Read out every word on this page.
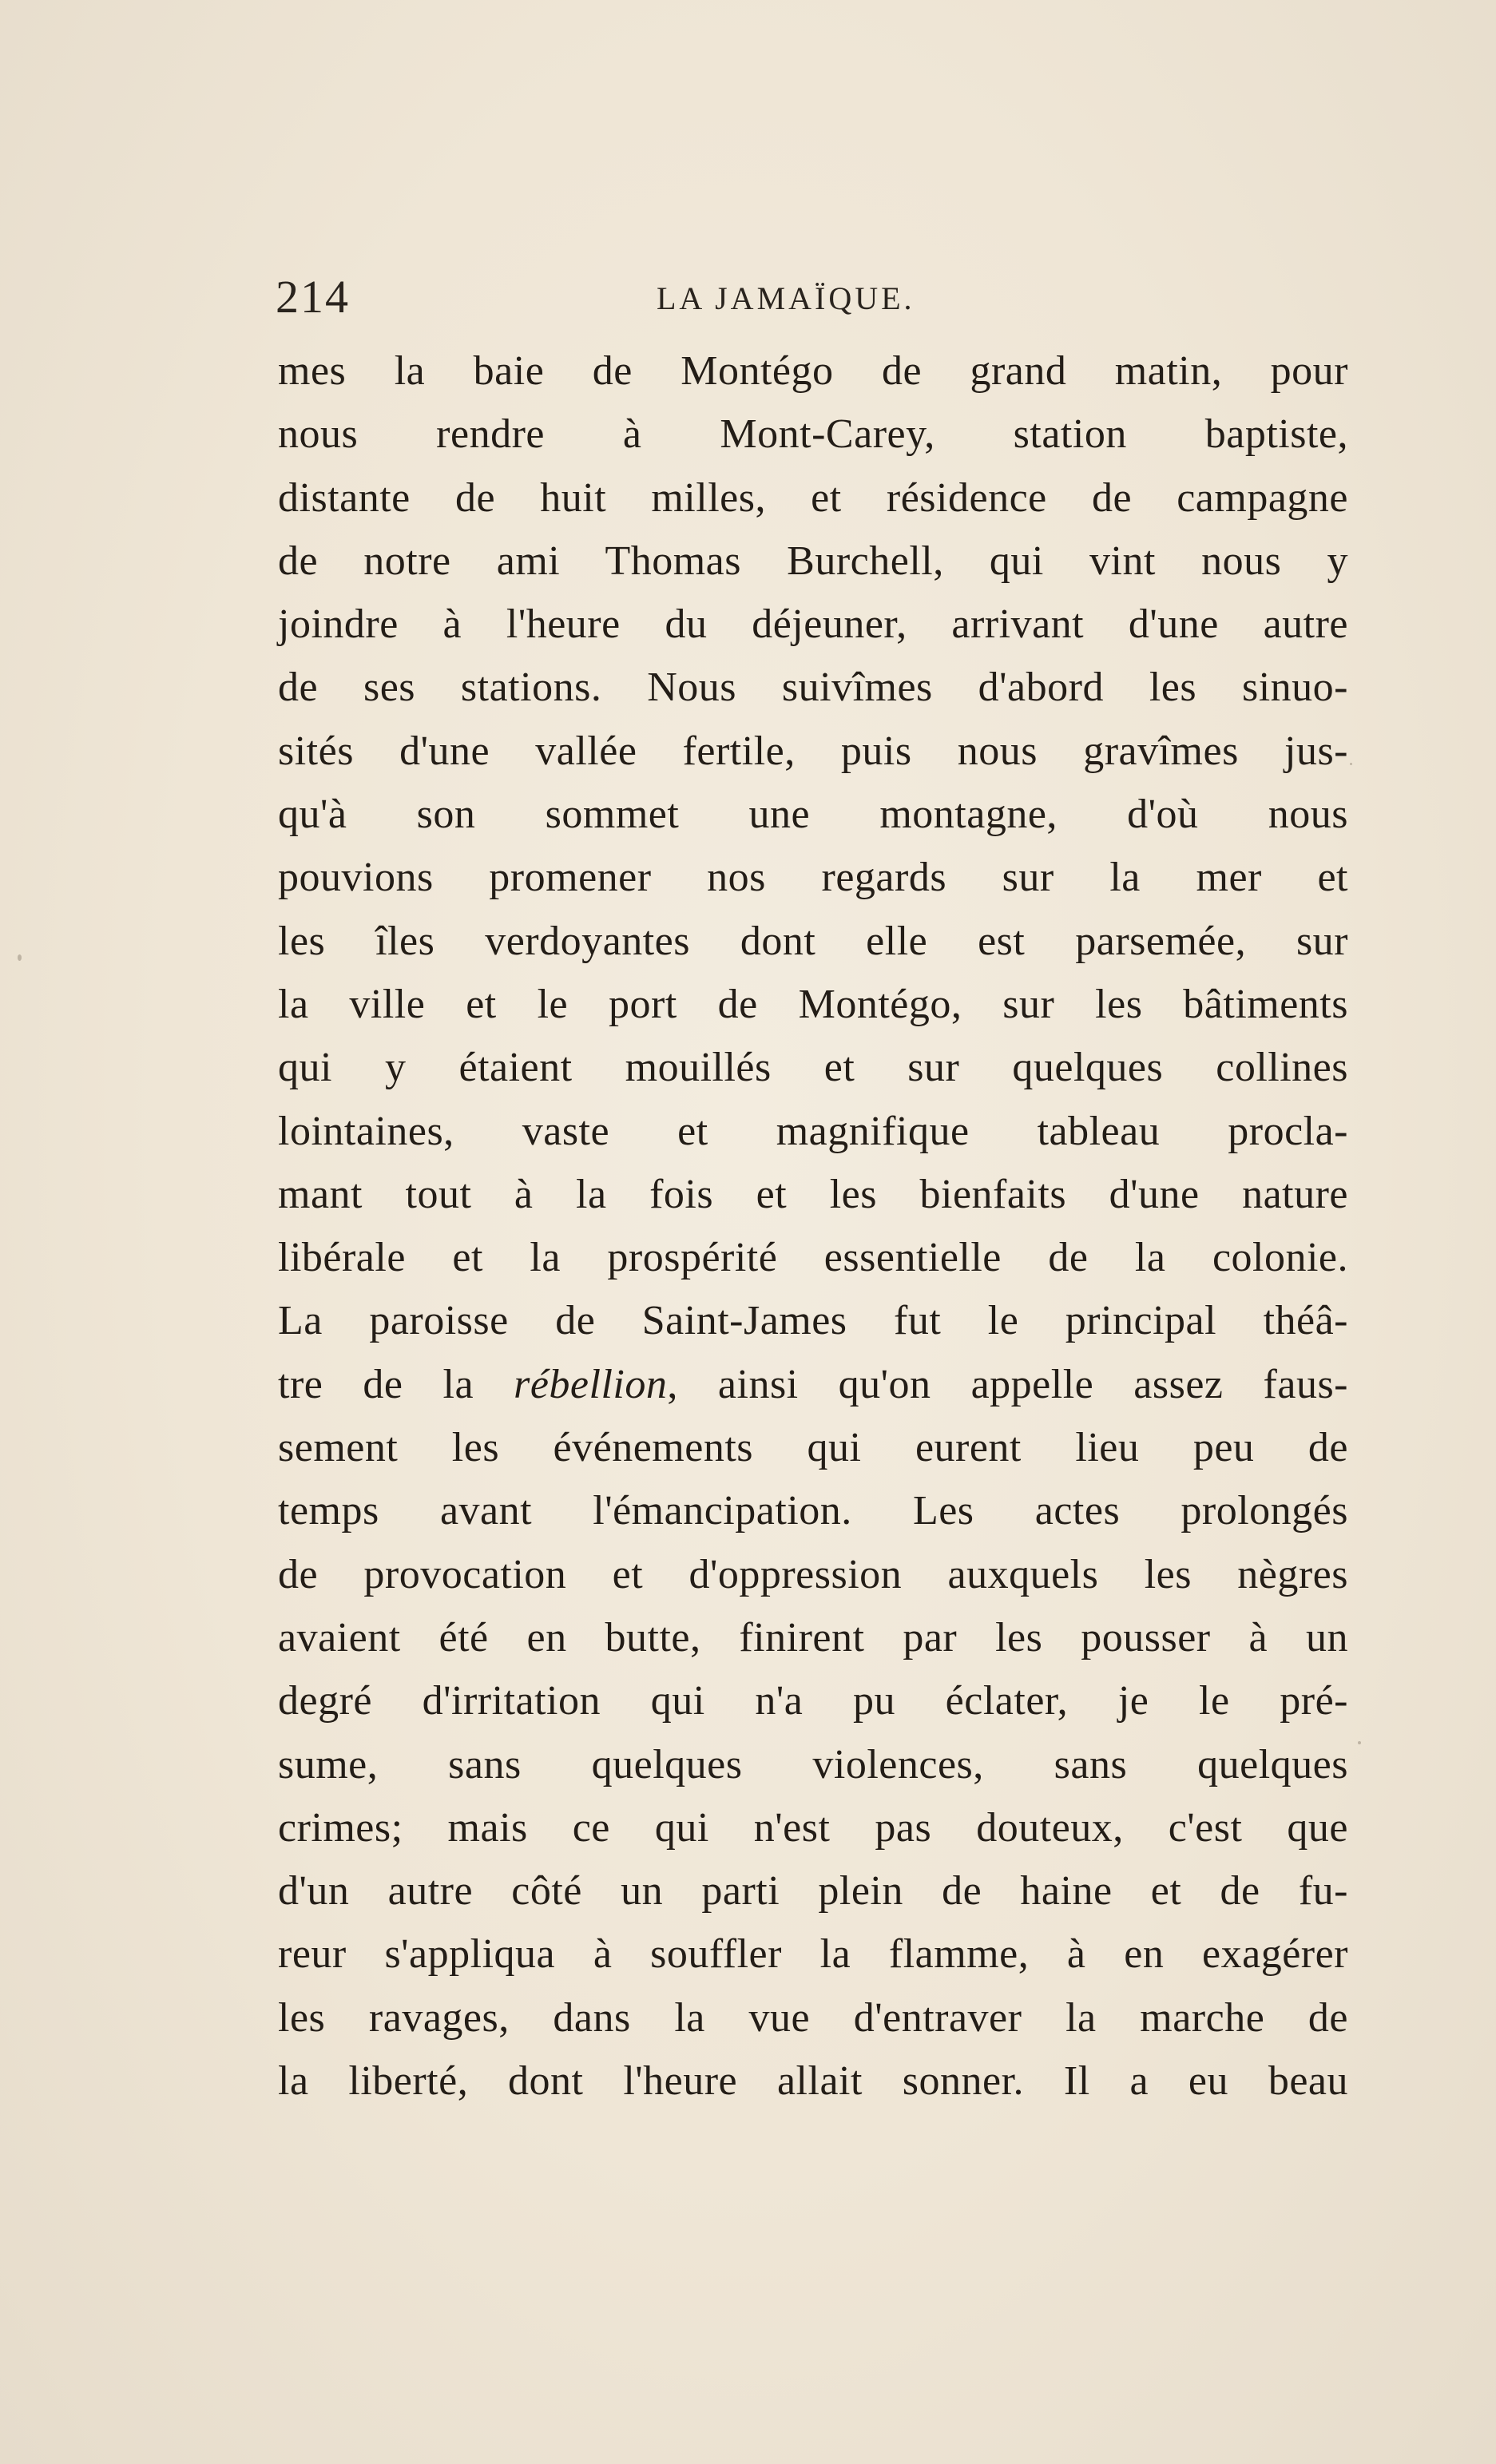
214	LA JAMAÏQUE.
mes la baie de Montégo de grand matin, pour
nous rendre à Mont-Carey, station baptiste,
distante de huit milles, et résidence de campagne
de notre ami Thomas Burchell, qui vint nous y
joindre à l'heure du déjeuner, arrivant d'une autre
de ses stations. Nous suivîmes d'abord les sinuo-
sités d'une vallée fertile, puis nous gravîmes jus-
qu'à son sommet une montagne, d'où nous
pouvions promener nos regards sur la mer et
les îles verdoyantes dont elle est parsemée, sur
la ville et le port de Montégo, sur les bâtiments
qui y étaient mouillés et sur quelques collines
lointaines, vaste et magnifique tableau procla-
mant tout à la fois et les bienfaits d'une nature
libérale et la prospérité essentielle de la colonie.
La paroisse de Saint-James fut le principal théâ-
tre de la rébellion, ainsi qu'on appelle assez faus-
sement les événements qui eurent lieu peu de
temps avant l'émancipation. Les actes prolongés
de provocation et d'oppression auxquels les nègres
avaient été en butte, finirent par les pousser à un
degré d'irritation qui n'a pu éclater, je le pré-
sume, sans quelques violences, sans quelques
crimes; mais ce qui n'est pas douteux, c'est que
d'un autre côté un parti plein de haine et de fu-
reur s'appliqua à souffler la flamme, à en exagérer
les ravages, dans la vue d'entraver la marche de
la liberté, dont l'heure allait sonner. Il a eu beau
